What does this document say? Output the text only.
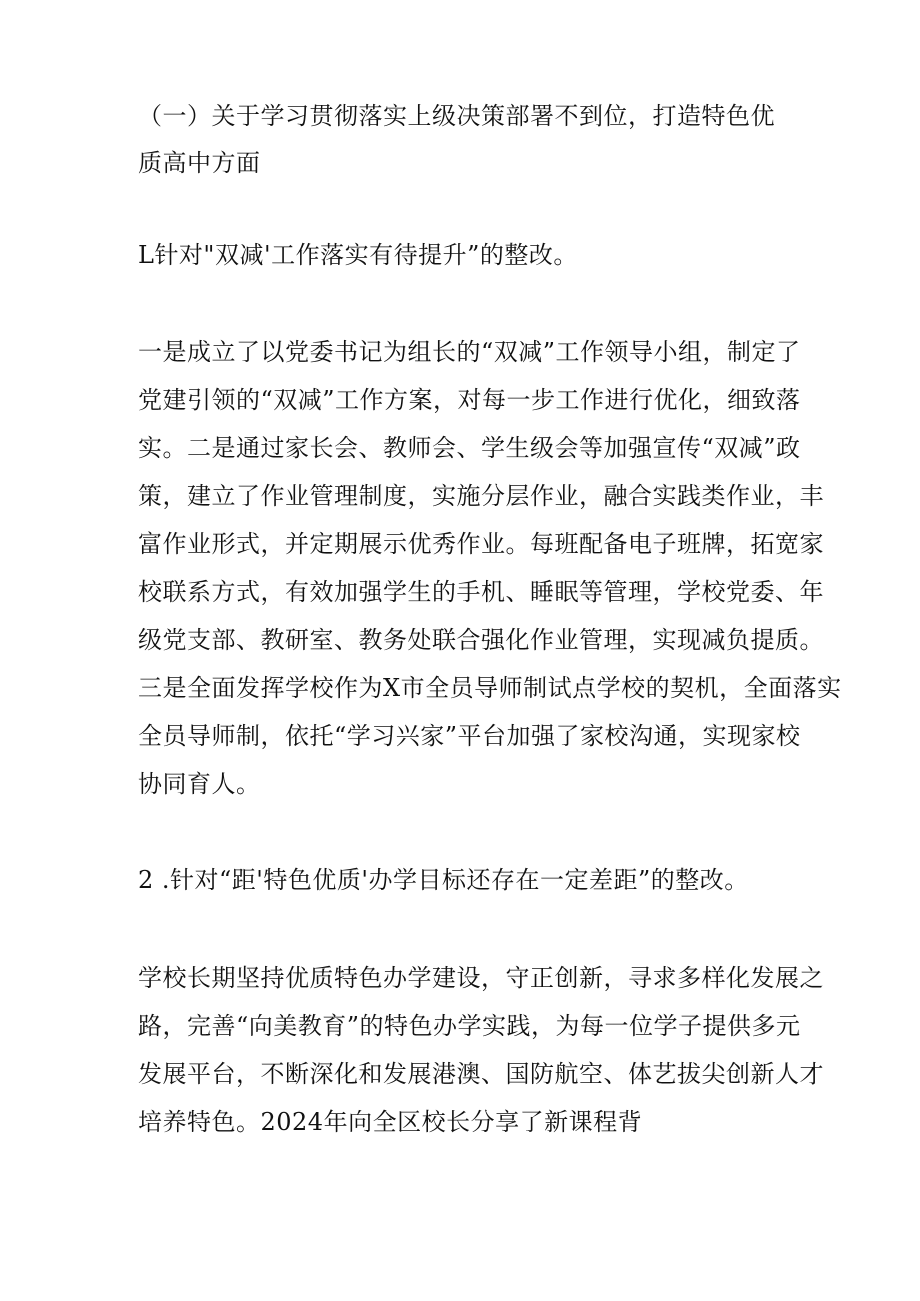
（一）关于学习贯彻落实上级决策部署不到位，打造特色优
质高中方面
L针对"双减'工作落实有待提升”的整改。
一是成立了以党委书记为组长的“双减”工作领导小组，制定了
党建引领的“双减”工作方案，对每一步工作进行优化，细致落
实。二是通过家长会、教师会、学生级会等加强宣传“双减”政
策，建立了作业管理制度，实施分层作业，融合实践类作业，丰
富作业形式，并定期展示优秀作业。每班配备电子班牌，拓宽家
校联系方式，有效加强学生的手机、睡眠等管理，学校党委、年
级党支部、教研室、教务处联合强化作业管理，实现减负提质。
三是全面发挥学校作为X市全员导师制试点学校的契机，全面落实
全员导师制，依托“学习兴家”平台加强了家校沟通，实现家校
协同育人。
2 .针对“距'特色优质'办学目标还存在一定差距”的整改。
学校长期坚持优质特色办学建设，守正创新，寻求多样化发展之
路，完善“向美教育”的特色办学实践，为每一位学子提供多元
发展平台，不断深化和发展港澳、国防航空、体艺拔尖创新人才
培养特色。2024年向全区校长分享了新课程背
